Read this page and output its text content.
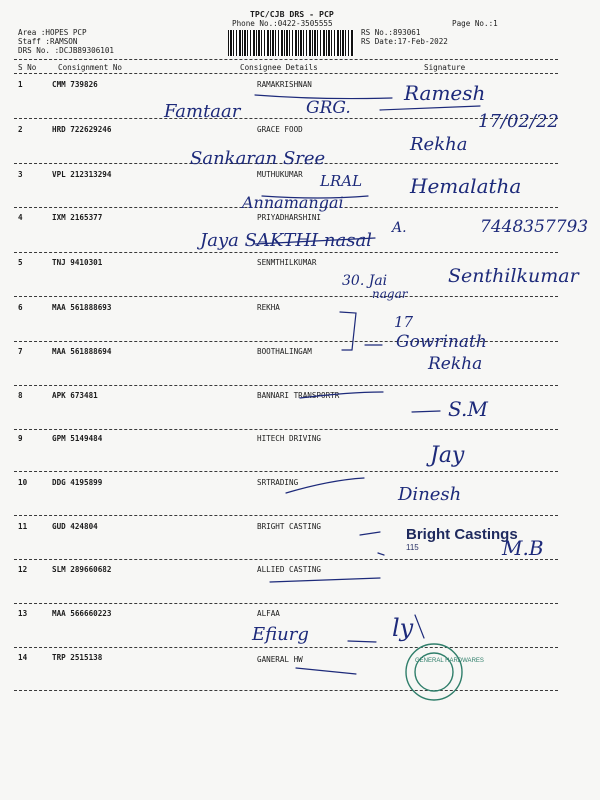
TPC/CJB DRS - PCP
Phone No.:0422-3505555	Page No.:1
Area :HOPES PCP
Staff :RAMSON
DRS No. :DCJB89306101
RS No.:893061
RS Date:17-Feb-2022
S No	Consignment No	Consignee Details	Signature
1	CMM 739826	RAMAKRISHNAN
2	HRD 722629246	GRACE FOOD
3	VPL 212313294	MUTHUKUMAR
4	IXM 2165377	PRIYADHARSHINI
5	TNJ 9410301	SENMTHILKUMAR
6	MAA 561888693	REKHA
7	MAA 561888694	BOOTHALINGAM
8	APK 673481	BANNARI TRANSPORTR
9	GPM 5149484	HITECH DRIVING
10	DDG 4195899	SRTRADING
11	GUD 424804	BRIGHT CASTING
12	SLM 289660682	ALLIED CASTING
13	MAA 566660223	ALFAA
14	TRP 2515138	GANERAL HW
Bright Castings
115
Famtaar	GRG.
Ramesh
17/02/22
Sankaran Sree
Rekha
LRAL
Annamangai
Hemalatha
Jaya SAKTHI nasal
A.	7448357793
30. Jai
nagar
Senthilkumar
17
Gowrinath
Rekha
S.M
Jay
Dinesh
M.B
Efiurg	ly
GENERAL HARDWARES
